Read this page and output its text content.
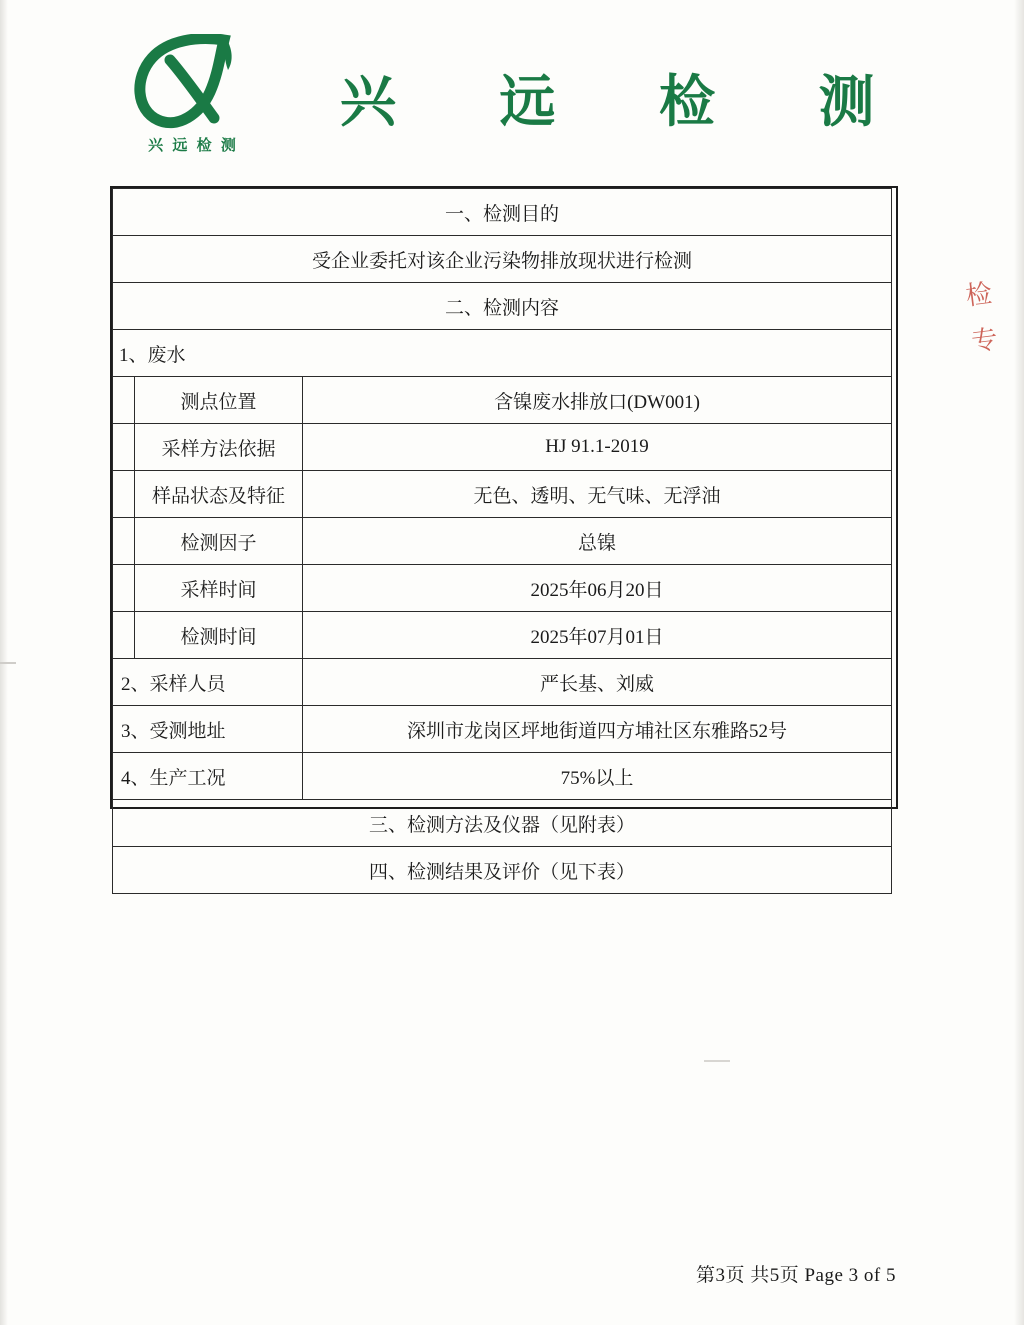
兴 远 检 测
兴 远 检 测
检 专
一、检测目的		
受企业委托对该企业污染物排放现状进行检测		
二、检测内容		
1、废水		
	测点位置	含镍废水排放口(DW001)
	采样方法依据	HJ 91.1-2019
	样品状态及特征	无色、透明、无气味、无浮油
	检测因子	总镍
	采样时间	2025年06月20日
	检测时间	2025年07月01日
2、采样人员		严长基、刘威
3、受测地址		深圳市龙岗区坪地街道四方埔社区东雅路52号
4、生产工况		75%以上
三、检测方法及仪器（见附表）		
四、检测结果及评价（见下表）		
第3页 共5页 Page 3 of 5
